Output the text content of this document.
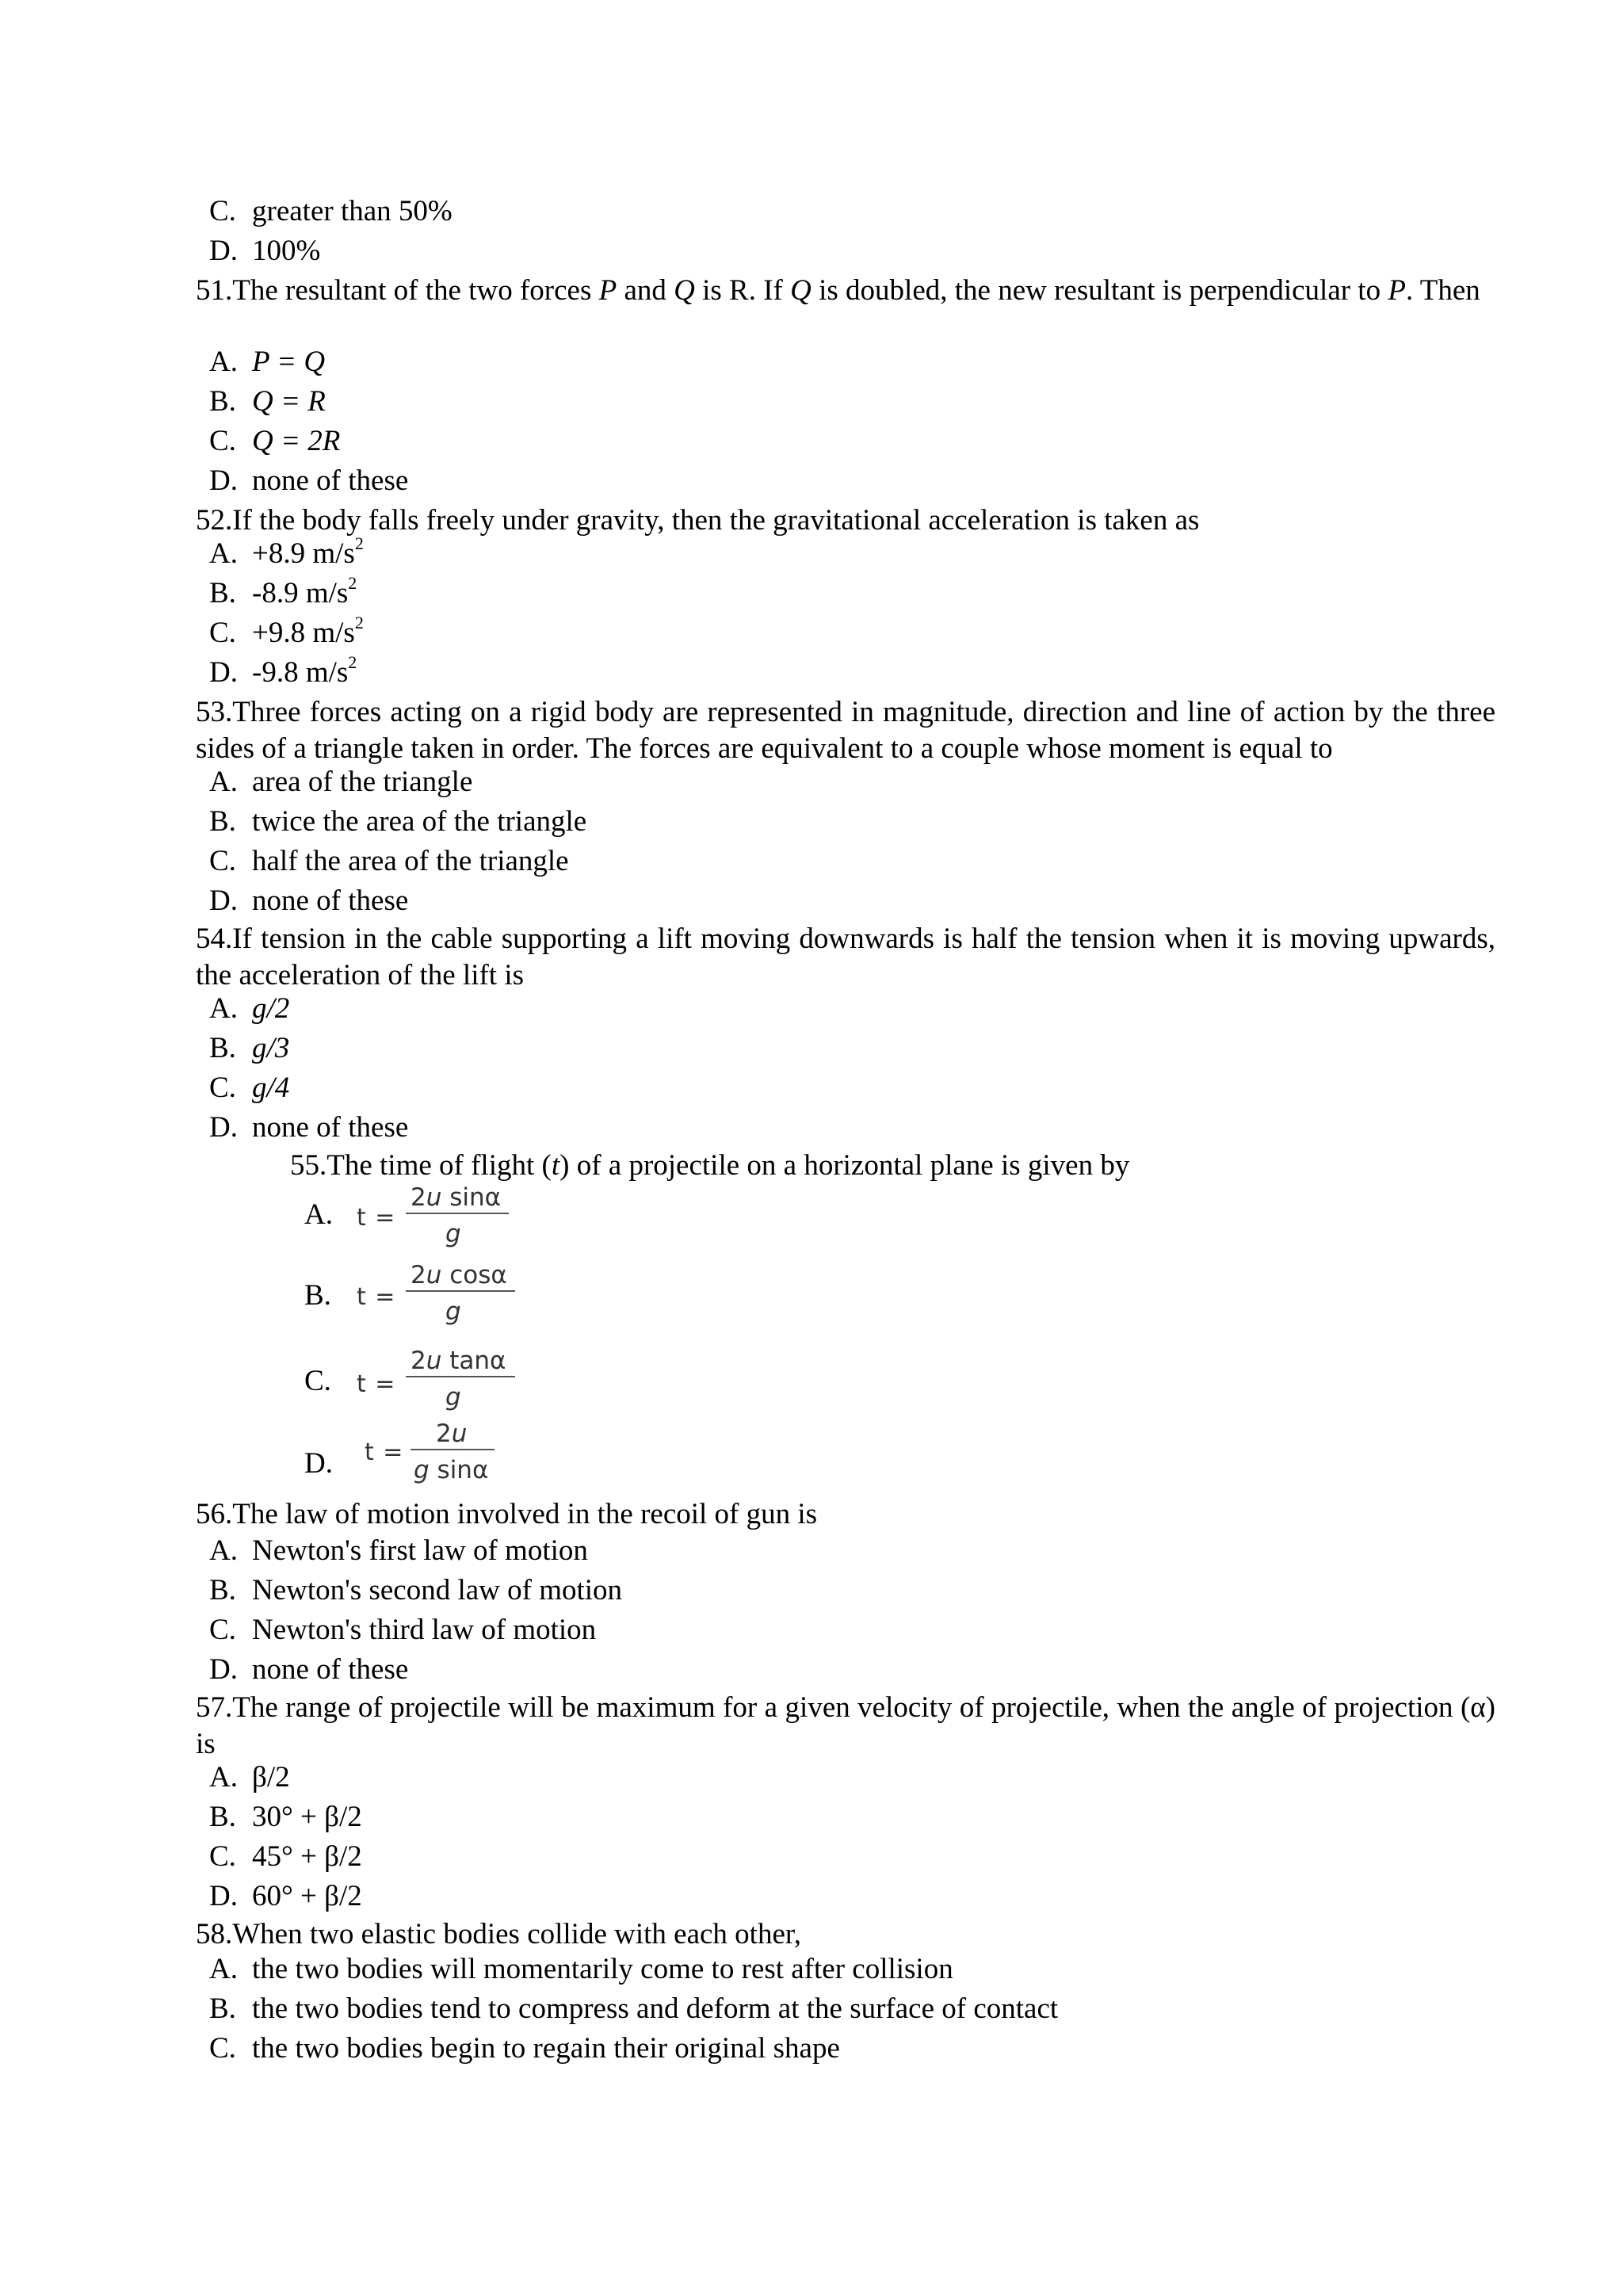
C. greater than 50%
D. 100%
51.The resultant of the two forces P and Q is R. If Q is doubled, the new resultant is perpendicular to P. Then
A. P = Q
B. Q = R
C. Q = 2R
D. none of these
52.If the body falls freely under gravity, then the gravitational acceleration is taken as
A. +8.9 $m/s^2$
B. -8.9 $m/s^2$
C. +9.8 $m/s^2$
D. -9.8 $m/s^2$
53.Three forces acting on a rigid body are represented in magnitude, direction and line of action by the three sides of a triangle taken in order. The forces are equivalent to a couple whose moment is equal to
A. area of the triangle
B. twice the area of the triangle
C. half the area of the triangle
D. none of these
54.If tension in the cable supporting a lift moving downwards is half the tension when it is moving upwards, the acceleration of the lift is
A. g/2
B. g/3
C. g/4
D. none of these
55.The time of flight (t) of a projectile on a horizontal plane is given by
A. t =
2u sinα
g
B. t =
2u cosα
g
C. t =
2u tanα
g
D. t =
2u
g sinα
56.The law of motion involved in the recoil of gun is
A. Newton's first law of motion
B. Newton's second law of motion
C. Newton's third law of motion
D. none of these
57.The range of projectile will be maximum for a given velocity of projectile, when the angle of projection (α) is
A. β/2
B. 30° + β/2
C. 45° + β/2
D. 60° + β/2
58.When two elastic bodies collide with each other,
A. the two bodies will momentarily come to rest after collision
B. the two bodies tend to compress and deform at the surface of contact
C. the two bodies begin to regain their original shape
